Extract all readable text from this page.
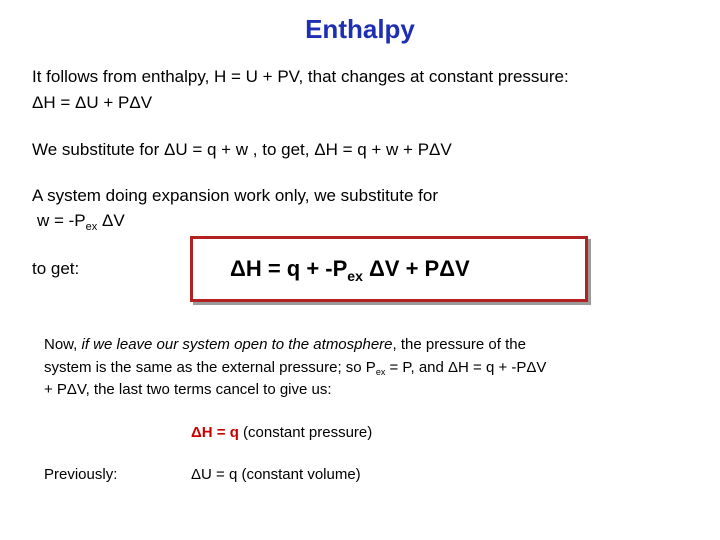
Enthalpy
It follows from enthalpy, H = U + PV, that changes at constant pressure:
ΔH = ΔU + PΔV
We substitute for ΔU = q + w , to get, ΔH = q + w + PΔV
A system doing expansion work only, we substitute for
$w = -P_{ex}$ ΔV
to get:	$\Delta H = q + -P_{ex}$ ΔV + PΔV
Now, if we leave our system open to the atmosphere, the pressure of the
system is the same as the external pressure; so $P_{ex} = P$, and ΔH = q + -PΔV
+ PΔV, the last two terms cancel to give us:
ΔH = q (constant pressure)
Previously:	ΔU = q (constant volume)
